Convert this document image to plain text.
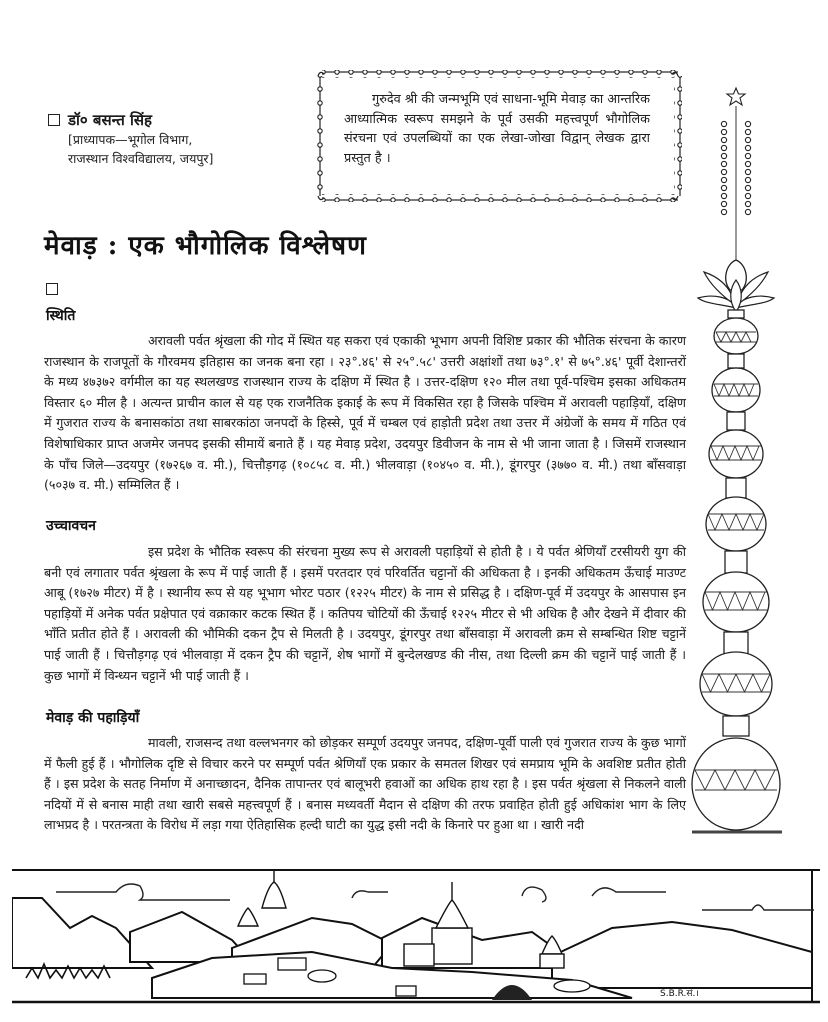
डॉ० बसन्त सिंह
[प्राध्यापक—भूगोल विभाग,
राजस्थान विश्वविद्यालय, जयपुर]
गुरुदेव श्री की जन्मभूमि एवं साधना-भूमि मेवाड़ का आन्तरिक आध्यात्मिक स्वरूप समझने के पूर्व उसकी महत्त्वपूर्ण भौगोलिक संरचना एवं उपलब्धियों का एक लेखा-जोखा विद्वान् लेखक द्वारा प्रस्तुत है ।
मेवाड़ : एक भौगोलिक विश्लेषण
स्थिति
अरावली पर्वत श्रृंखला की गोद में स्थित यह सकरा एवं एकाकी भूभाग अपनी विशिष्ट प्रकार की भौतिक संरचना के कारण राजस्थान के राजपूतों के गौरवमय इतिहास का जनक बना रहा । २३°.४६' से २५°.५८' उत्तरी अक्षांशों तथा ७३°.१' से ७५°.४६' पूर्वी देशान्तरों के मध्य ४७३७२ वर्गमील का यह स्थलखण्ड राजस्थान राज्य के दक्षिण में स्थित है । उत्तर-दक्षिण १२० मील तथा पूर्व-पश्चिम इसका अधिकतम विस्तार ६० मील है । अत्यन्त प्राचीन काल से यह एक राजनैतिक इकाई के रूप में विकसित रहा है जिसके पश्चिम में अरावली पहाड़ियाँ, दक्षिण में गुजरात राज्य के बनासकांठा तथा साबरकांठा जनपदों के हिस्से, पूर्व में चम्बल एवं हाड़ोती प्रदेश तथा उत्तर में अंग्रेजों के समय में गठित एवं विशेषाधिकार प्राप्त अजमेर जनपद इसकी सीमायें बनाते हैं । यह मेवाड़ प्रदेश, उदयपुर डिवीजन के नाम से भी जाना जाता है । जिसमें राजस्थान के पाँच जिले—उदयपुर (१७२६७ व. मी.), चित्तौड़गढ़ (१०८५८ व. मी.) भीलवाड़ा (१०४५० व. मी.), डूंगरपुर (३७७० व. मी.) तथा बाँसवाड़ा (५०३७ व. मी.) सम्मिलित हैं ।
उच्चावचन
इस प्रदेश के भौतिक स्वरूप की संरचना मुख्य रूप से अरावली पहाड़ियों से होती है । ये पर्वत श्रेणियाँ टरसीयरी युग की बनी एवं लगातार पर्वत श्रृंखला के रूप में पाई जाती हैं । इसमें परतदार एवं परिवर्तित चट्टानों की अधिकता है । इनकी अधिकतम ऊँचाई माउण्ट आबू (१७२७ मीटर) में है । स्थानीय रूप से यह भूभाग भोरट पठार (१२२५ मीटर) के नाम से प्रसिद्ध है । दक्षिण-पूर्व में उदयपुर के आसपास इन पहाड़ियों में अनेक पर्वत प्रक्षेपात एवं वक्राकार कटक स्थित हैं । कतिपय चोटियों की ऊँचाई १२२५ मीटर से भी अधिक है और देखने में दीवार की भाँति प्रतीत होते हैं । अरावली की भौमिकी दकन ट्रैप से मिलती है । उदयपुर, डूंगरपुर तथा बाँसवाड़ा में अरावली क्रम से सम्बन्धित शिष्ट चट्टानें पाई जाती हैं । चित्तौड़गढ़ एवं भीलवाड़ा में दकन ट्रैप की चट्टानें, शेष भागों में बुन्देलखण्ड की नीस, तथा दिल्ली क्रम की चट्टानें पाई जाती हैं । कुछ भागों में विन्ध्यन चट्टानें भी पाई जाती हैं ।
मेवाड़ की पहाड़ियाँ
मावली, राजसन्द तथा वल्लभनगर को छोड़कर सम्पूर्ण उदयपुर जनपद, दक्षिण-पूर्वी पाली एवं गुजरात राज्य के कुछ भागों में फैली हुई हैं । भौगोलिक दृष्टि से विचार करने पर सम्पूर्ण पर्वत श्रेणियाँ एक प्रकार के समतल शिखर एवं समप्राय भूमि के अवशिष्ट प्रतीत होती हैं । इस प्रदेश के सतह निर्माण में अनाच्छादन, दैनिक तापान्तर एवं बालूभरी हवाओं का अधिक हाथ रहा है । इस पर्वत श्रृंखला से निकलने वाली नदियों में से बनास माही तथा खारी सबसे महत्त्वपूर्ण हैं । बनास मध्यवर्ती मैदान से दक्षिण की तरफ प्रवाहित होती हुई अधिकांश भाग के लिए लाभप्रद है । परतन्त्रता के विरोध में लड़ा गया ऐतिहासिक हल्दी घाटी का युद्ध इसी नदी के किनारे पर हुआ था । खारी नदी
S.B.R.सं.।
